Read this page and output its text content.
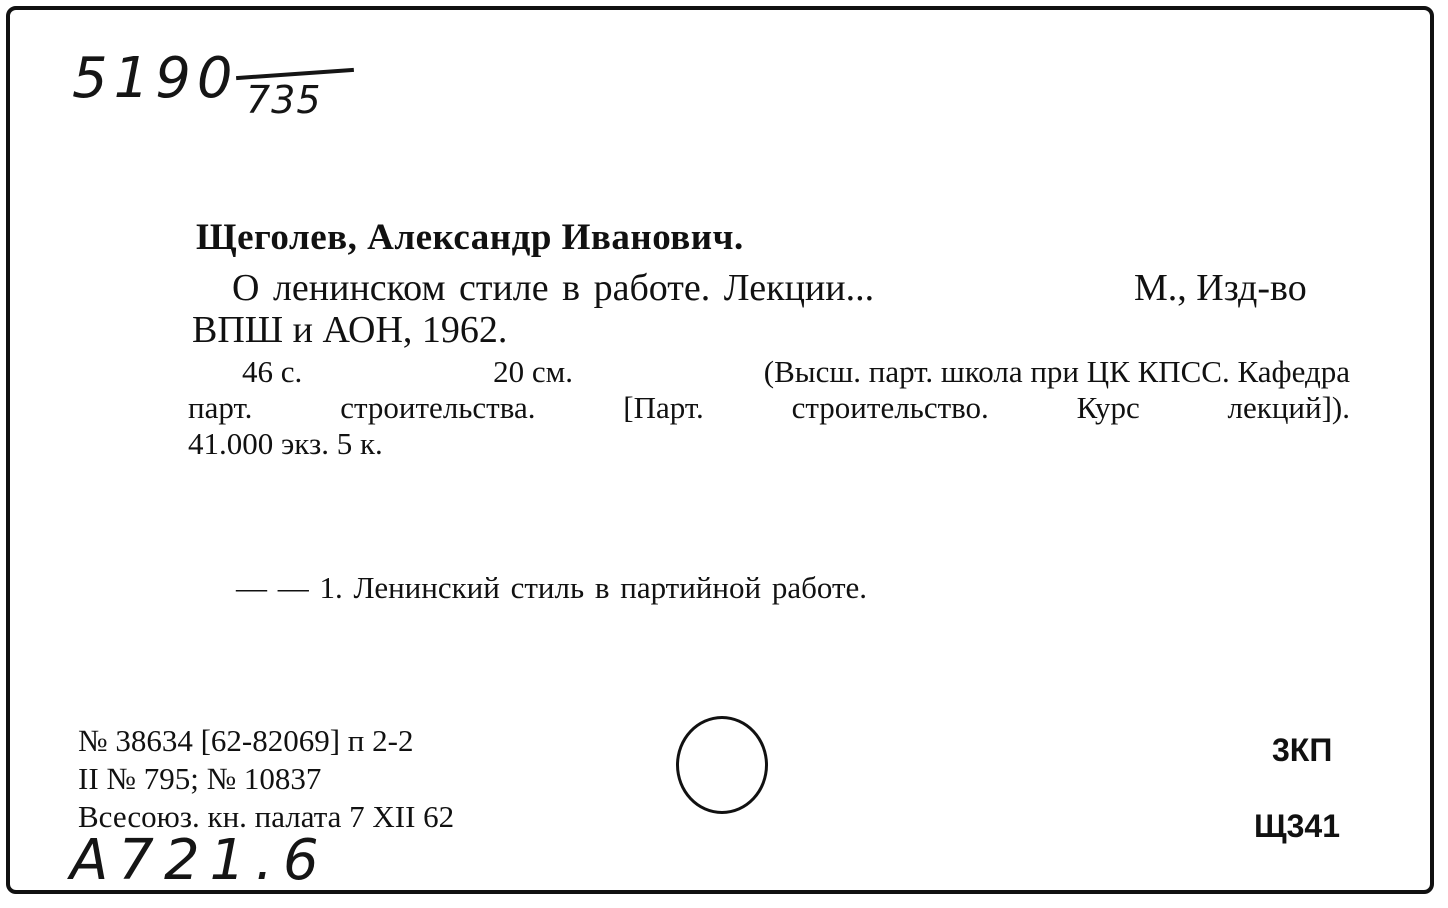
5190 735
Щеголев, Александр Иванович.
О ленинском стиле в работе. Лекции...	М., Изд-во
ВПШ и АОН, 1962.
46 с.	20 см.	(Высш. парт. школа при ЦК КПСС. Кафедра
парт.	строительства.	[Парт.	строительство.	Курс	лекций]).
41.000 экз. 5 к.
— — 1. Ленинский стиль в партийной работе.
№ 38634 [62-82069] п 2-2
II № 795; № 10837
Всесоюз. кн. палата 7 XII 62
3КП
Щ341
A721.6
